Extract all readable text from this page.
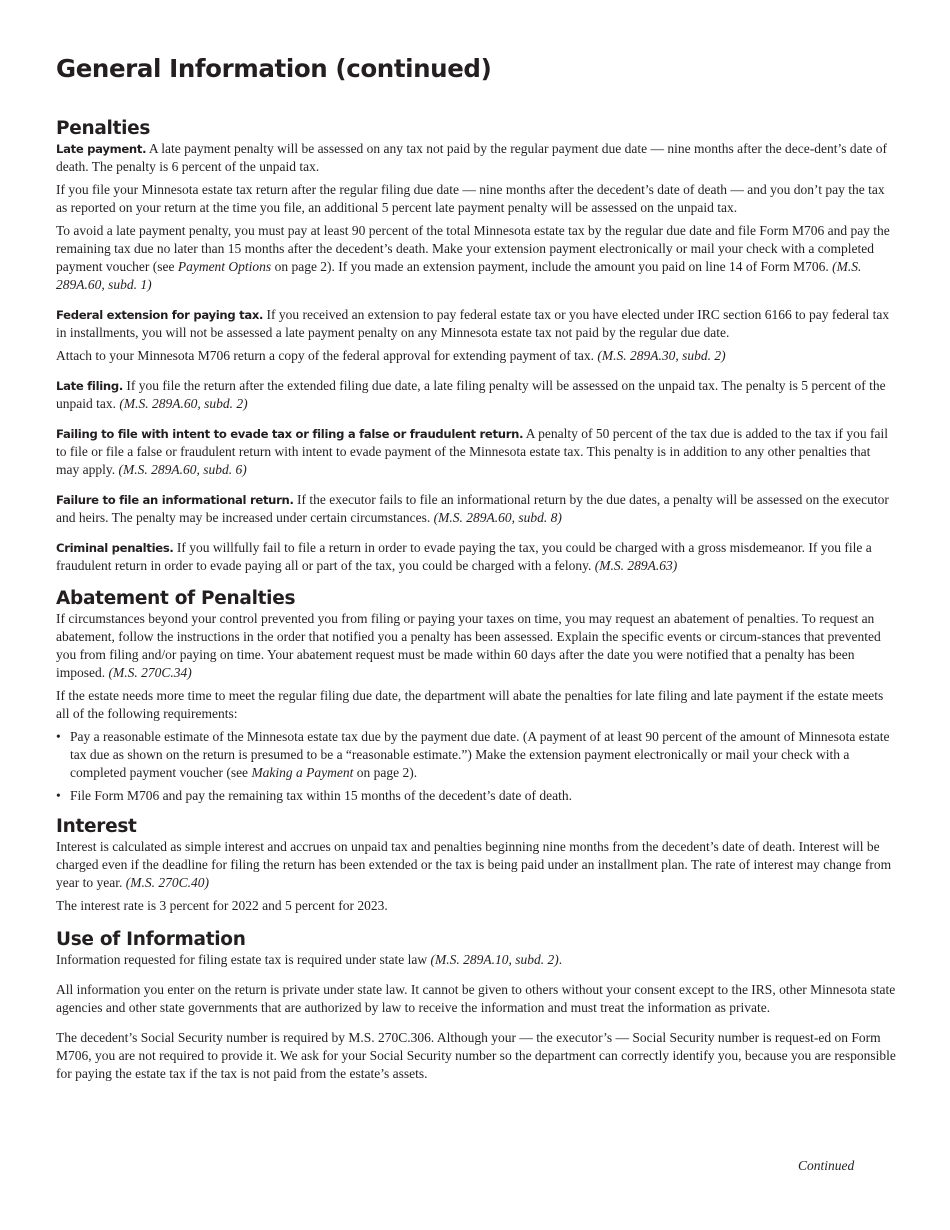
General Information (continued)
Penalties

Late payment. A late payment penalty will be assessed on any tax not paid by the regular payment due date — nine months after the dece-dent’s date of death. The penalty is 6 percent of the unpaid tax.

If you file your Minnesota estate tax return after the regular filing due date — nine months after the decedent’s date of death — and you don’t pay the tax as reported on your return at the time you file, an additional 5 percent late payment penalty will be assessed on the unpaid tax.

To avoid a late payment penalty, you must pay at least 90 percent of the total Minnesota estate tax by the regular due date and file Form M706 and pay the remaining tax due no later than 15 months after the decedent’s death. Make your extension payment electronically or mail your check with a completed payment voucher (see Payment Options on page 2). If you made an extension payment, include the amount you paid on line 14 of Form M706. (M.S. 289A.60, subd. 1)

Federal extension for paying tax. If you received an extension to pay federal estate tax or you have elected under IRC section 6166 to pay federal tax in installments, you will not be assessed a late payment penalty on any Minnesota estate tax not paid by the regular due date.

Attach to your Minnesota M706 return a copy of the federal approval for extending payment of tax. (M.S. 289A.30, subd. 2)

Late filing. If you file the return after the extended filing due date, a late filing penalty will be assessed on the unpaid tax. The penalty is 5 percent of the unpaid tax. (M.S. 289A.60, subd. 2)

Failing to file with intent to evade tax or filing a false or fraudulent return. A penalty of 50 percent of the tax due is added to the tax if you fail to file or file a false or fraudulent return with intent to evade payment of the Minnesota estate tax. This penalty is in addition to any other penalties that may apply. (M.S. 289A.60, subd. 6)

Failure to file an informational return. If the executor fails to file an informational return by the due dates, a penalty will be assessed on the executor and heirs. The penalty may be increased under certain circumstances. (M.S. 289A.60, subd. 8)

Criminal penalties. If you willfully fail to file a return in order to evade paying the tax, you could be charged with a gross misdemeanor. If you file a fraudulent return in order to evade paying all or part of the tax, you could be charged with a felony. (M.S. 289A.63)

Abatement of Penalties

If circumstances beyond your control prevented you from filing or paying your taxes on time, you may request an abatement of penalties. To request an abatement, follow the instructions in the order that notified you a penalty has been assessed. Explain the specific events or circum-stances that prevented you from filing and/or paying on time. Your abatement request must be made within 60 days after the date you were notified that a penalty has been imposed. (M.S. 270C.34)

If the estate needs more time to meet the regular filing due date, the department will abate the penalties for late filing and late payment if the estate meets all of the following requirements:

• Pay a reasonable estimate of the Minnesota estate tax due by the payment due date. (A payment of at least 90 percent of the amount of Minnesota estate tax due as shown on the return is presumed to be a “reasonable estimate.”) Make the extension payment electronically or mail your check with a completed payment voucher (see Making a Payment on page 2).
• File Form M706 and pay the remaining tax within 15 months of the decedent’s date of death.
Interest

Interest is calculated as simple interest and accrues on unpaid tax and penalties beginning nine months from the decedent’s date of death. Interest will be charged even if the deadline for filing the return has been extended or the tax is being paid under an installment plan. The rate of interest may change from year to year. (M.S. 270C.40)

The interest rate is 3 percent for 2022 and 5 percent for 2023.

Use of Information

Information requested for filing estate tax is required under state law (M.S. 289A.10, subd. 2).

All information you enter on the return is private under state law. It cannot be given to others without your consent except to the IRS, other Minnesota state agencies and other state governments that are authorized by law to receive the information and must treat the information as private.

The decedent’s Social Security number is required by M.S. 270C.306. Although your — the executor’s — Social Security number is request-ed on Form M706, you are not required to provide it. We ask for your Social Security number so the department can correctly identify you, because you are responsible for paying the estate tax if the tax is not paid from the estate’s assets.

Continued
